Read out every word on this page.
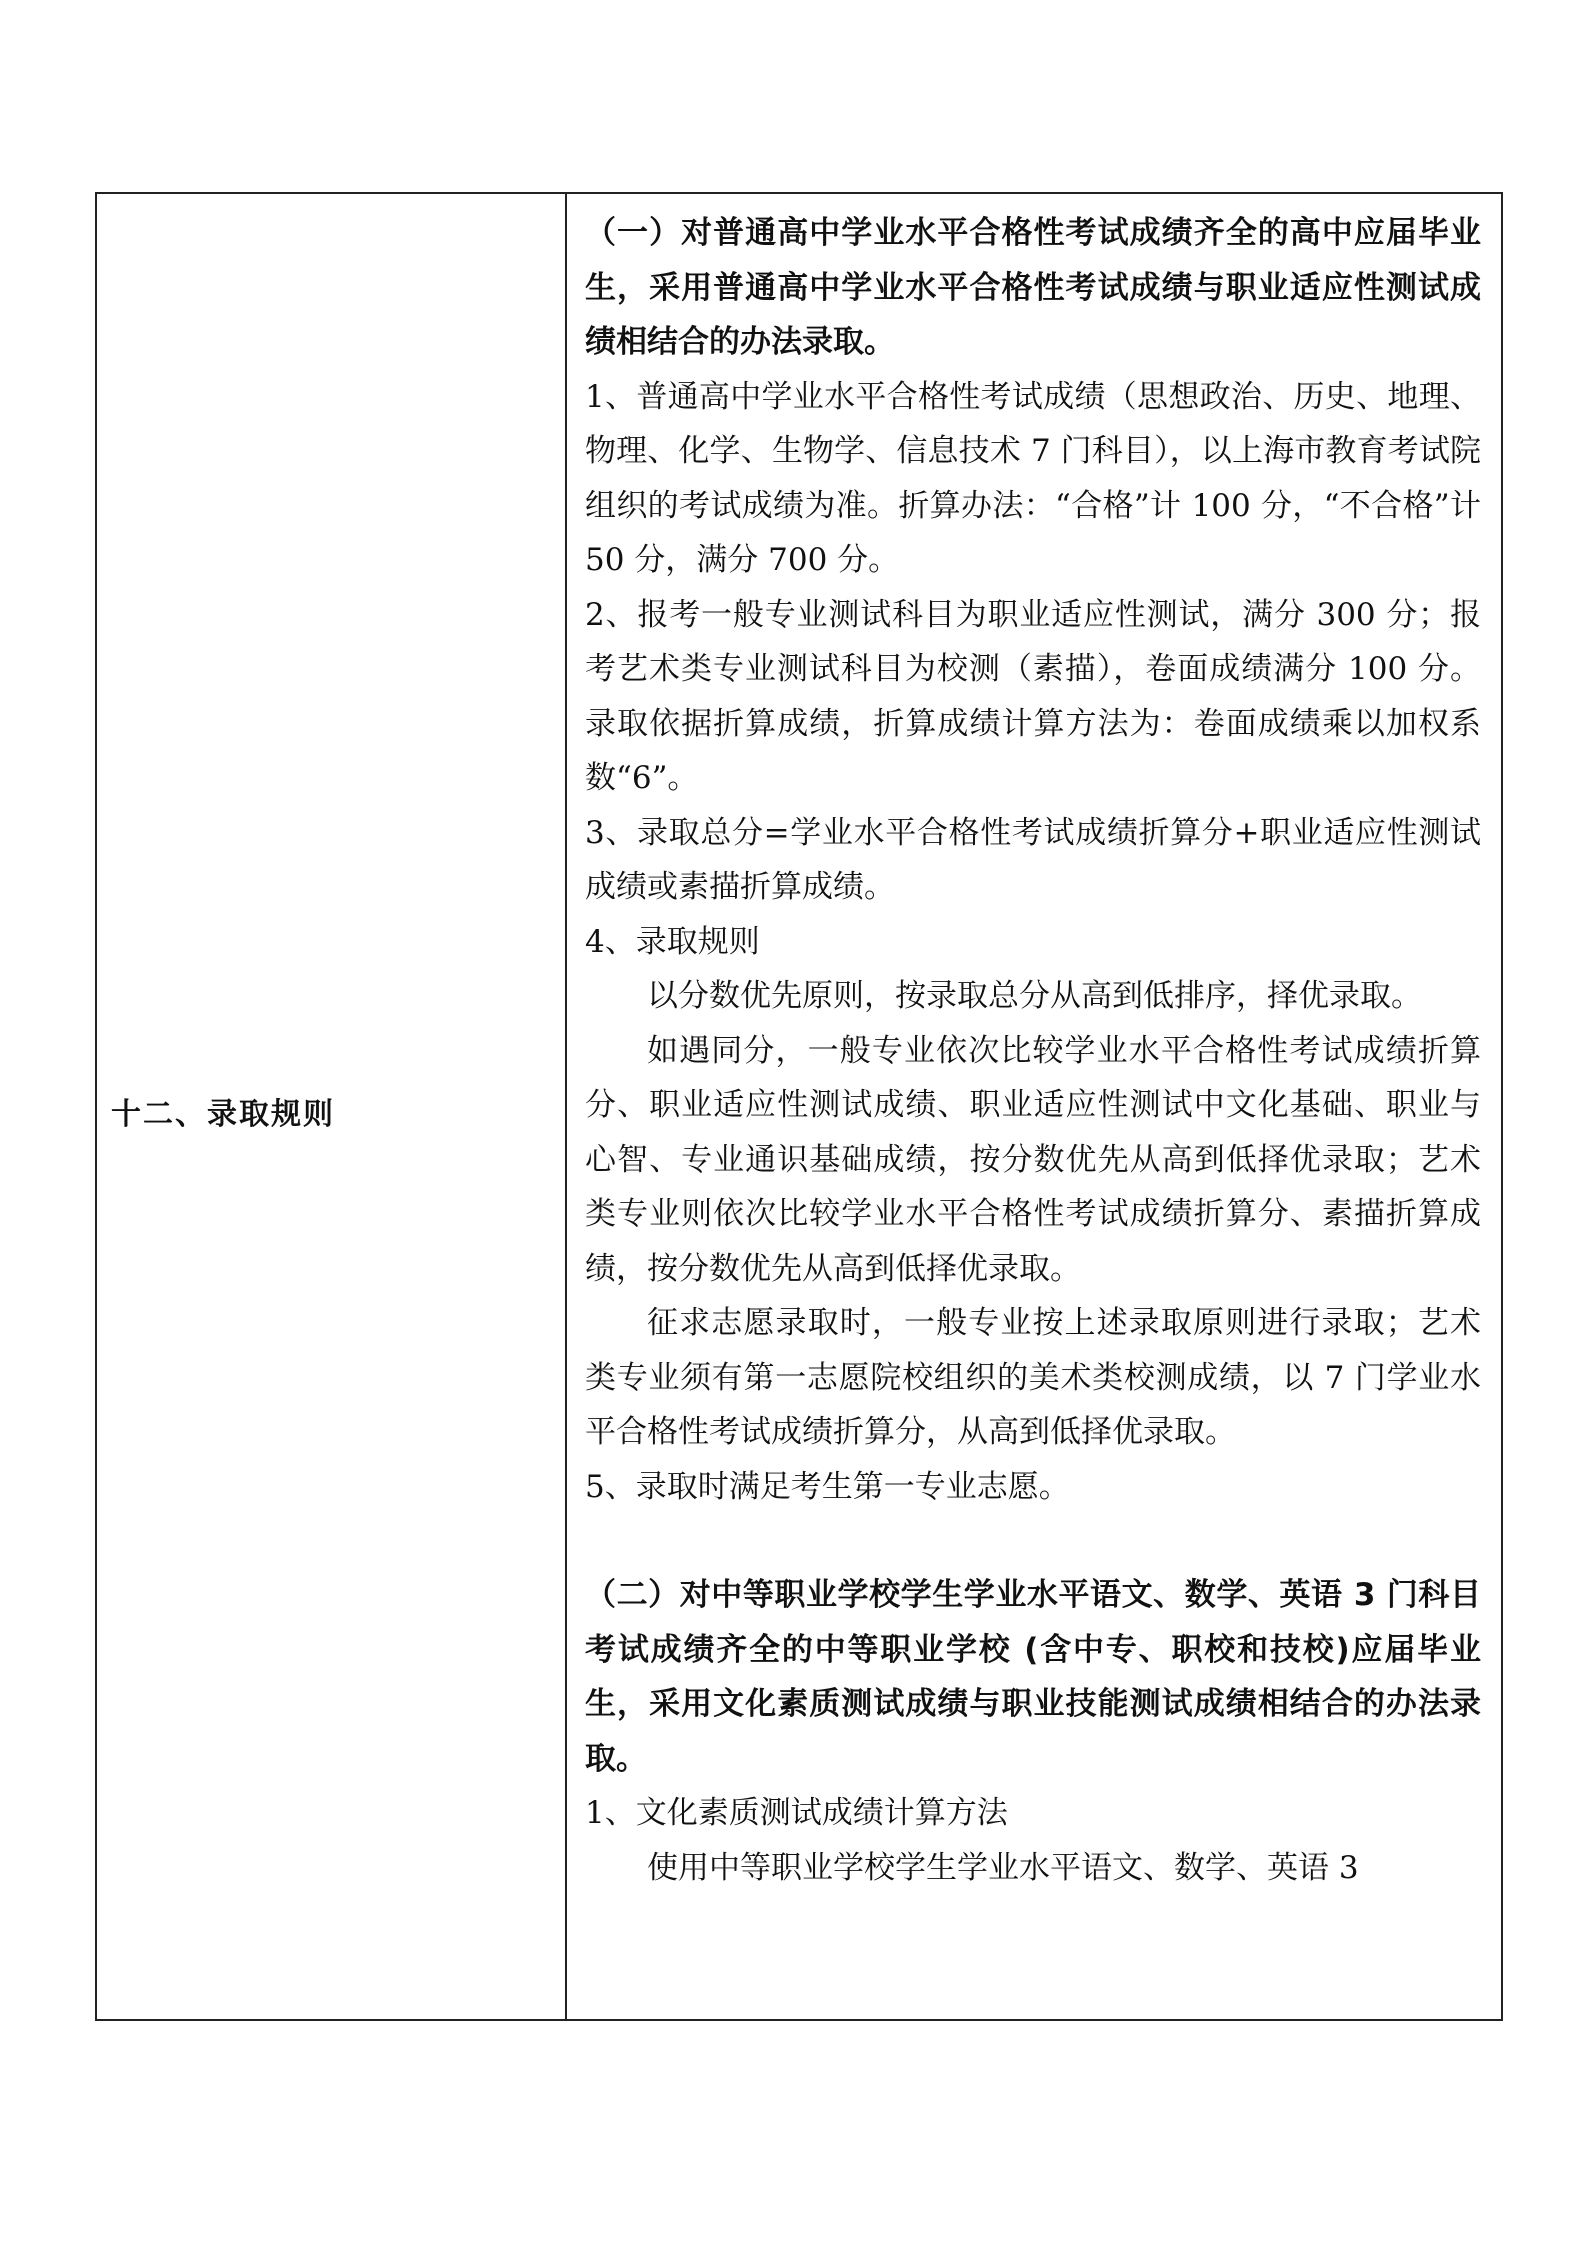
十二、录取规则

（一）对普通高中学业水平合格性考试成绩齐全的高中应届毕业生，采用普通高中学业水平合格性考试成绩与职业适应性测试成绩相结合的办法录取。

1、普通高中学业水平合格性考试成绩（思想政治、历史、地理、物理、化学、生物学、信息技术 7 门科目），以上海市教育考试院组织的考试成绩为准。折算办法：“合格”计 100 分，“不合格”计 50 分，满分 700 分。

2、报考一般专业测试科目为职业适应性测试，满分 300 分；报考艺术类专业测试科目为校测（素描），卷面成绩满分 100 分。录取依据折算成绩，折算成绩计算方法为：卷面成绩乘以加权系数“6”。

3、录取总分=学业水平合格性考试成绩折算分+职业适应性测试成绩或素描折算成绩。

4、录取规则

以分数优先原则，按录取总分从高到低排序，择优录取。

如遇同分，一般专业依次比较学业水平合格性考试成绩折算分、职业适应性测试成绩、职业适应性测试中文化基础、职业与心智、专业通识基础成绩，按分数优先从高到低择优录取；艺术类专业则依次比较学业水平合格性考试成绩折算分、素描折算成绩，按分数优先从高到低择优录取。

征求志愿录取时，一般专业按上述录取原则进行录取；艺术类专业须有第一志愿院校组织的美术类校测成绩，以 7 门学业水平合格性考试成绩折算分，从高到低择优录取。

5、录取时满足考生第一专业志愿。

（二）对中等职业学校学生学业水平语文、数学、英语 3 门科目考试成绩齐全的中等职业学校 (含中专、职校和技校)应届毕业生，采用文化素质测试成绩与职业技能测试成绩相结合的办法录取。

1、文化素质测试成绩计算方法

使用中等职业学校学生学业水平语文、数学、英语 3
